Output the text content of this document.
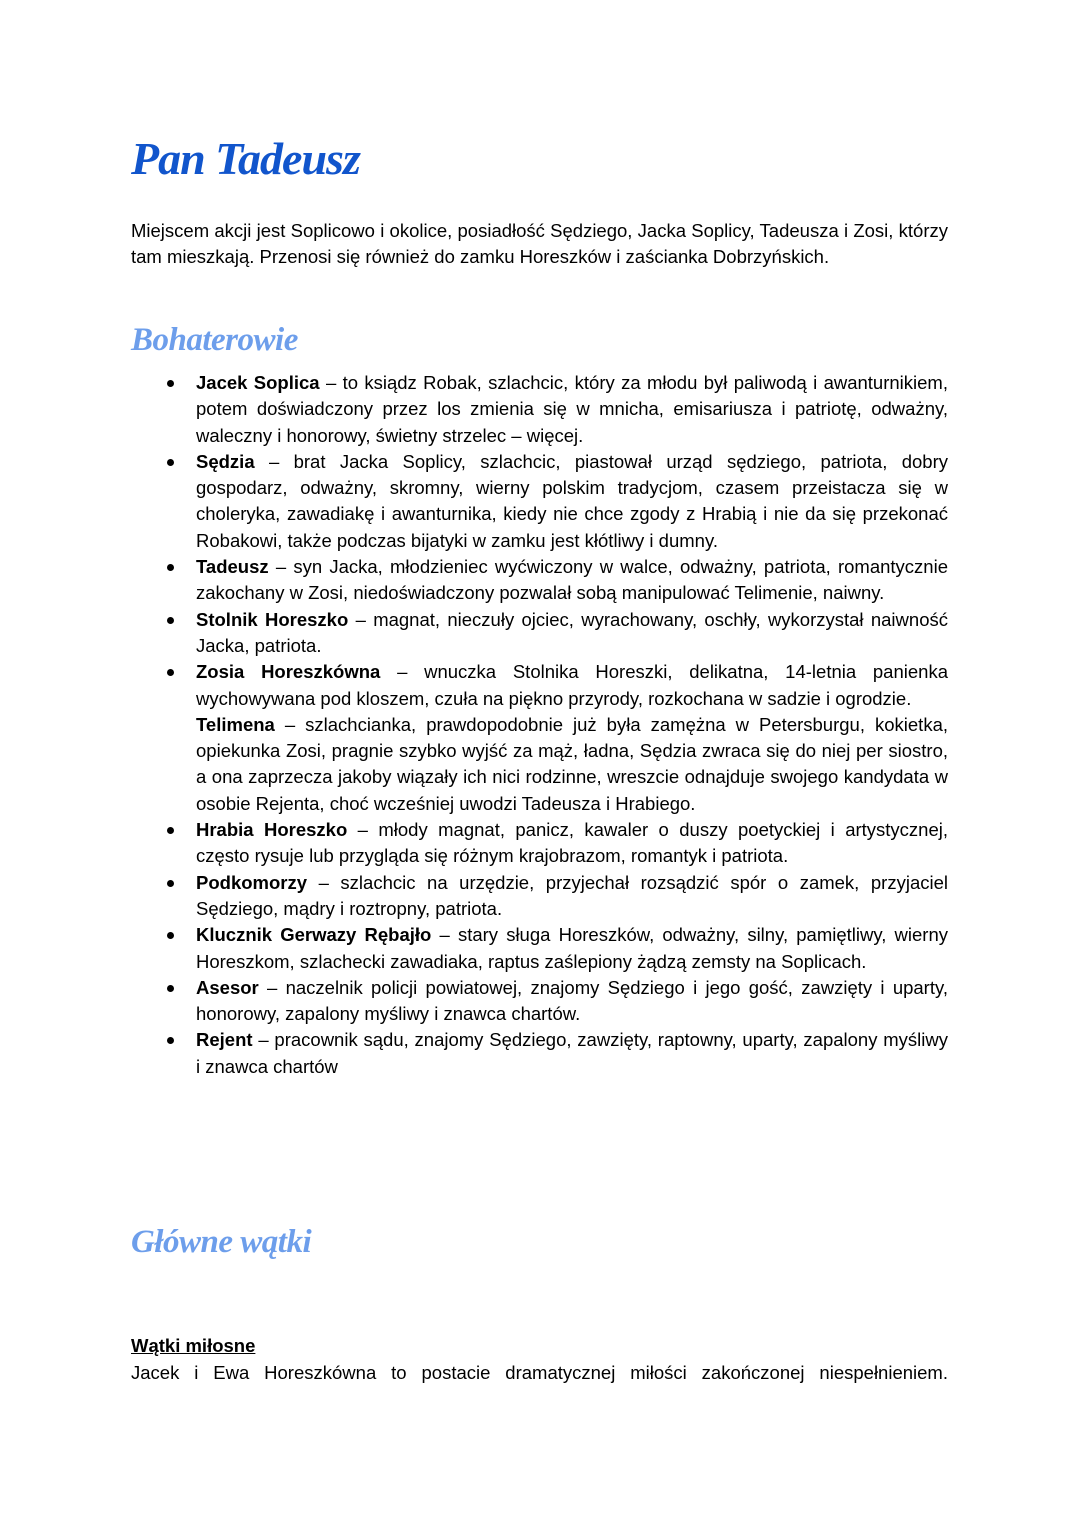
Pan Tadeusz

Miejscem akcji jest Soplicowo i okolice, posiadłość Sędziego, Jacka Soplicy, Tadeusza i Zosi, którzy tam mieszkają. Przenosi się również do zamku Horeszków i zaścianka Dobrzyńskich.

Bohaterowie
Jacek Soplica – to ksiądz Robak, szlachcic, który za młodu był paliwodą i awanturnikiem, potem doświadczony przez los zmienia się w mnicha, emisariusza i patriotę, odważny, waleczny i honorowy, świetny strzelec – więcej.
Sędzia – brat Jacka Soplicy, szlachcic, piastował urząd sędziego, patriota, dobry gospodarz, odważny, skromny, wierny polskim tradycjom, czasem przeistacza się w choleryka, zawadiakę i awanturnika, kiedy nie chce zgody z Hrabią i nie da się przekonać Robakowi, także podczas bijatyki w zamku jest kłótliwy i dumny.
Tadeusz – syn Jacka, młodzieniec wyćwiczony w walce, odważny, patriota, romantycznie zakochany w Zosi, niedoświadczony pozwalał sobą manipulować Telimenie, naiwny.
Stolnik Horeszko – magnat, nieczuły ojciec, wyrachowany, oschły, wykorzystał naiwność Jacka, patriota.
Zosia Horeszkówna – wnuczka Stolnika Horeszki, delikatna, 14-letnia panienka wychowywana pod kloszem, czuła na piękno przyrody, rozkochana w sadzie i ogrodzie.
Telimena – szlachcianka, prawdopodobnie już była zamężna w Petersburgu, kokietka, opiekunka Zosi, pragnie szybko wyjść za mąż, ładna, Sędzia zwraca się do niej per siostro, a ona zaprzecza jakoby wiązały ich nici rodzinne, wreszcie odnajduje swojego kandydata w osobie Rejenta, choć wcześniej uwodzi Tadeusza i Hrabiego.
Hrabia Horeszko – młody magnat, panicz, kawaler o duszy poetyckiej i artystycznej, często rysuje lub przygląda się różnym krajobrazom, romantyk i patriota.
Podkomorzy – szlachcic na urzędzie, przyjechał rozsądzić spór o zamek, przyjaciel Sędziego, mądry i roztropny, patriota.
Klucznik Gerwazy Rębajło – stary sługa Horeszków, odważny, silny, pamiętliwy, wierny Horeszkom, szlachecki zawadiaka, raptus zaślepiony żądzą zemsty na Soplicach.
Asesor – naczelnik policji powiatowej, znajomy Sędziego i jego gość, zawzięty i uparty, honorowy, zapalony myśliwy i znawca chartów.
Rejent – pracownik sądu, znajomy Sędziego, zawzięty, raptowny, uparty, zapalony myśliwy i znawca chartów
Główne wątki

Wątki miłosne

Jacek i Ewa Horeszkówna to postacie dramatycznej miłości zakończonej niespełnieniem.
